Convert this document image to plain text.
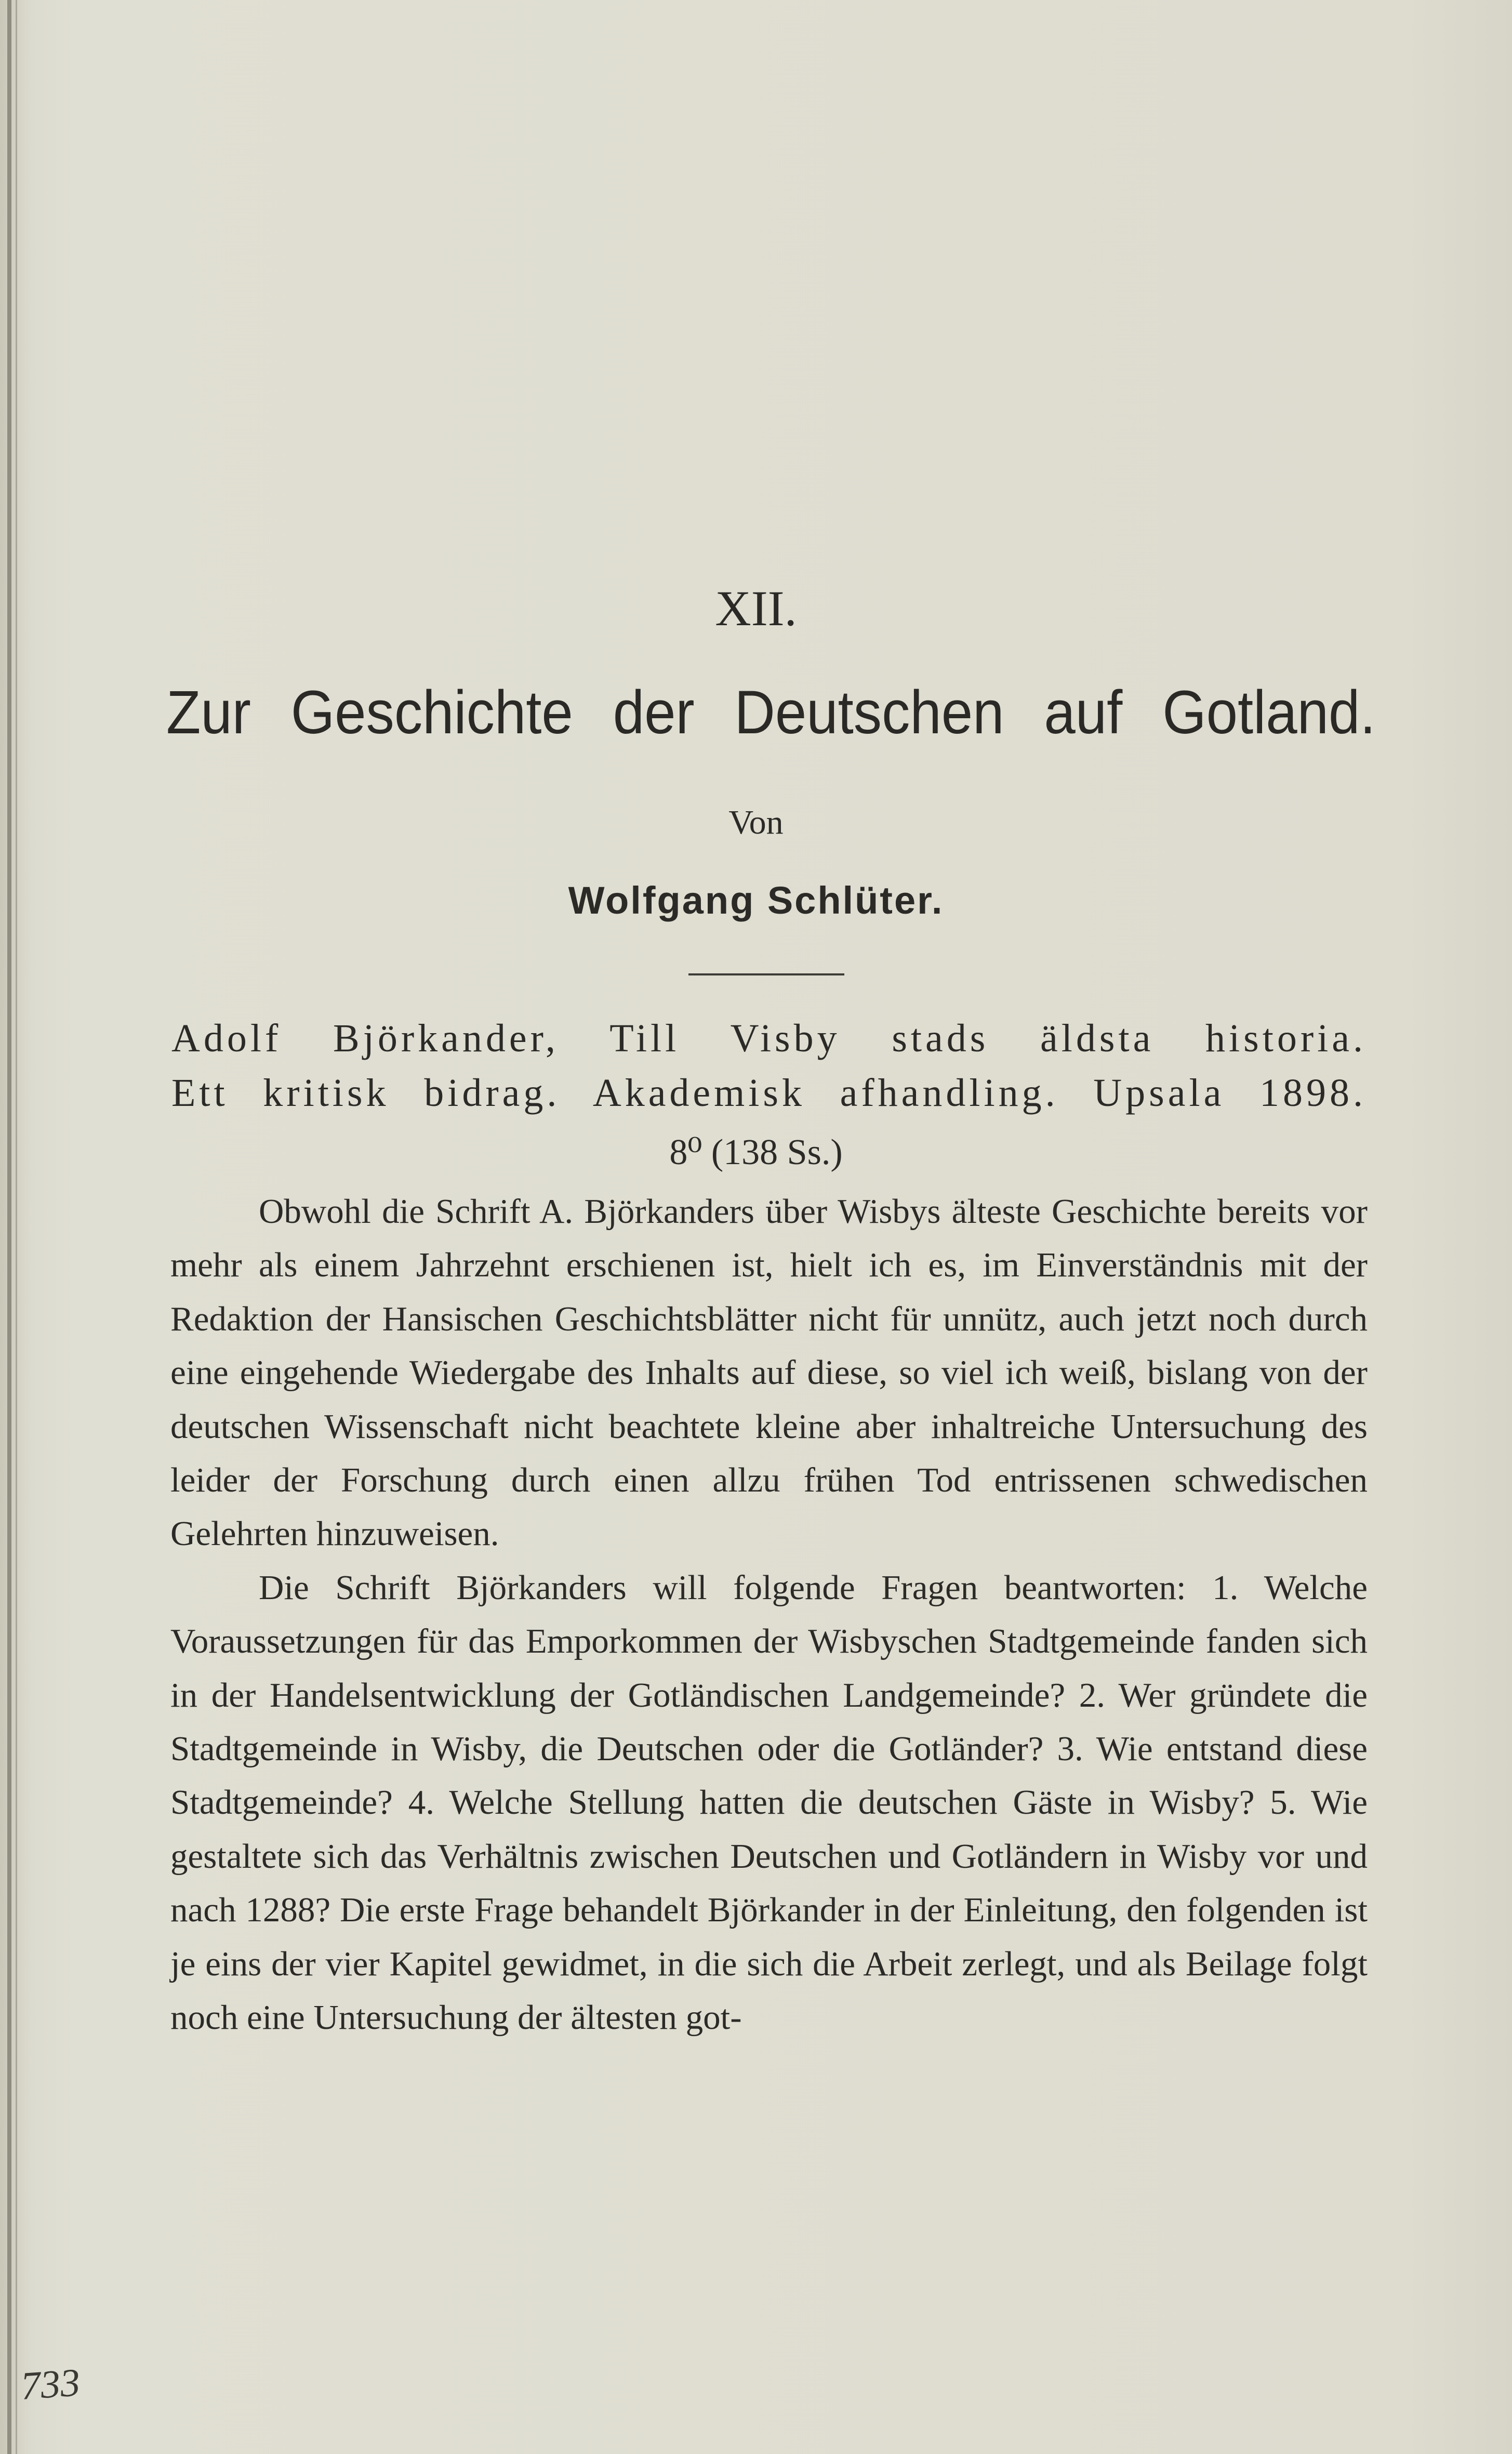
XII.
Zur Geschichte der Deutschen auf Gotland.
Von
Wolfgang Schlüter.
Adolf Björkander, Till Visby stads äldsta historia.
Ett kritisk bidrag. Akademisk afhandling. Upsala 1898.
8⁰ (138 Ss.)

Obwohl die Schrift A. Björkanders über Wisbys älteste Geschichte bereits vor mehr als einem Jahrzehnt erschienen ist, hielt ich es, im Einverständnis mit der Redaktion der Hansischen Geschichtsblätter nicht für unnütz, auch jetzt noch durch eine eingehende Wiedergabe des Inhalts auf diese, so viel ich weiß, bislang von der deutschen Wissenschaft nicht beachtete kleine aber inhaltreiche Untersuchung des leider der Forschung durch einen allzu frühen Tod entrissenen schwedischen Gelehrten hinzuweisen.

Die Schrift Björkanders will folgende Fragen beantworten: 1. Welche Voraussetzungen für das Emporkommen der Wisbyschen Stadtgemeinde fanden sich in der Handelsentwicklung der Gotländischen Landgemeinde? 2. Wer gründete die Stadtgemeinde in Wisby, die Deutschen oder die Gotländer? 3. Wie entstand diese Stadtgemeinde? 4. Welche Stellung hatten die deutschen Gäste in Wisby? 5. Wie gestaltete sich das Verhältnis zwischen Deutschen und Gotländern in Wisby vor und nach 1288? Die erste Frage behandelt Björkander in der Einleitung, den folgenden ist je eins der vier Kapitel gewidmet, in die sich die Arbeit zerlegt, und als Beilage folgt noch eine Untersuchung der ältesten got-

733
